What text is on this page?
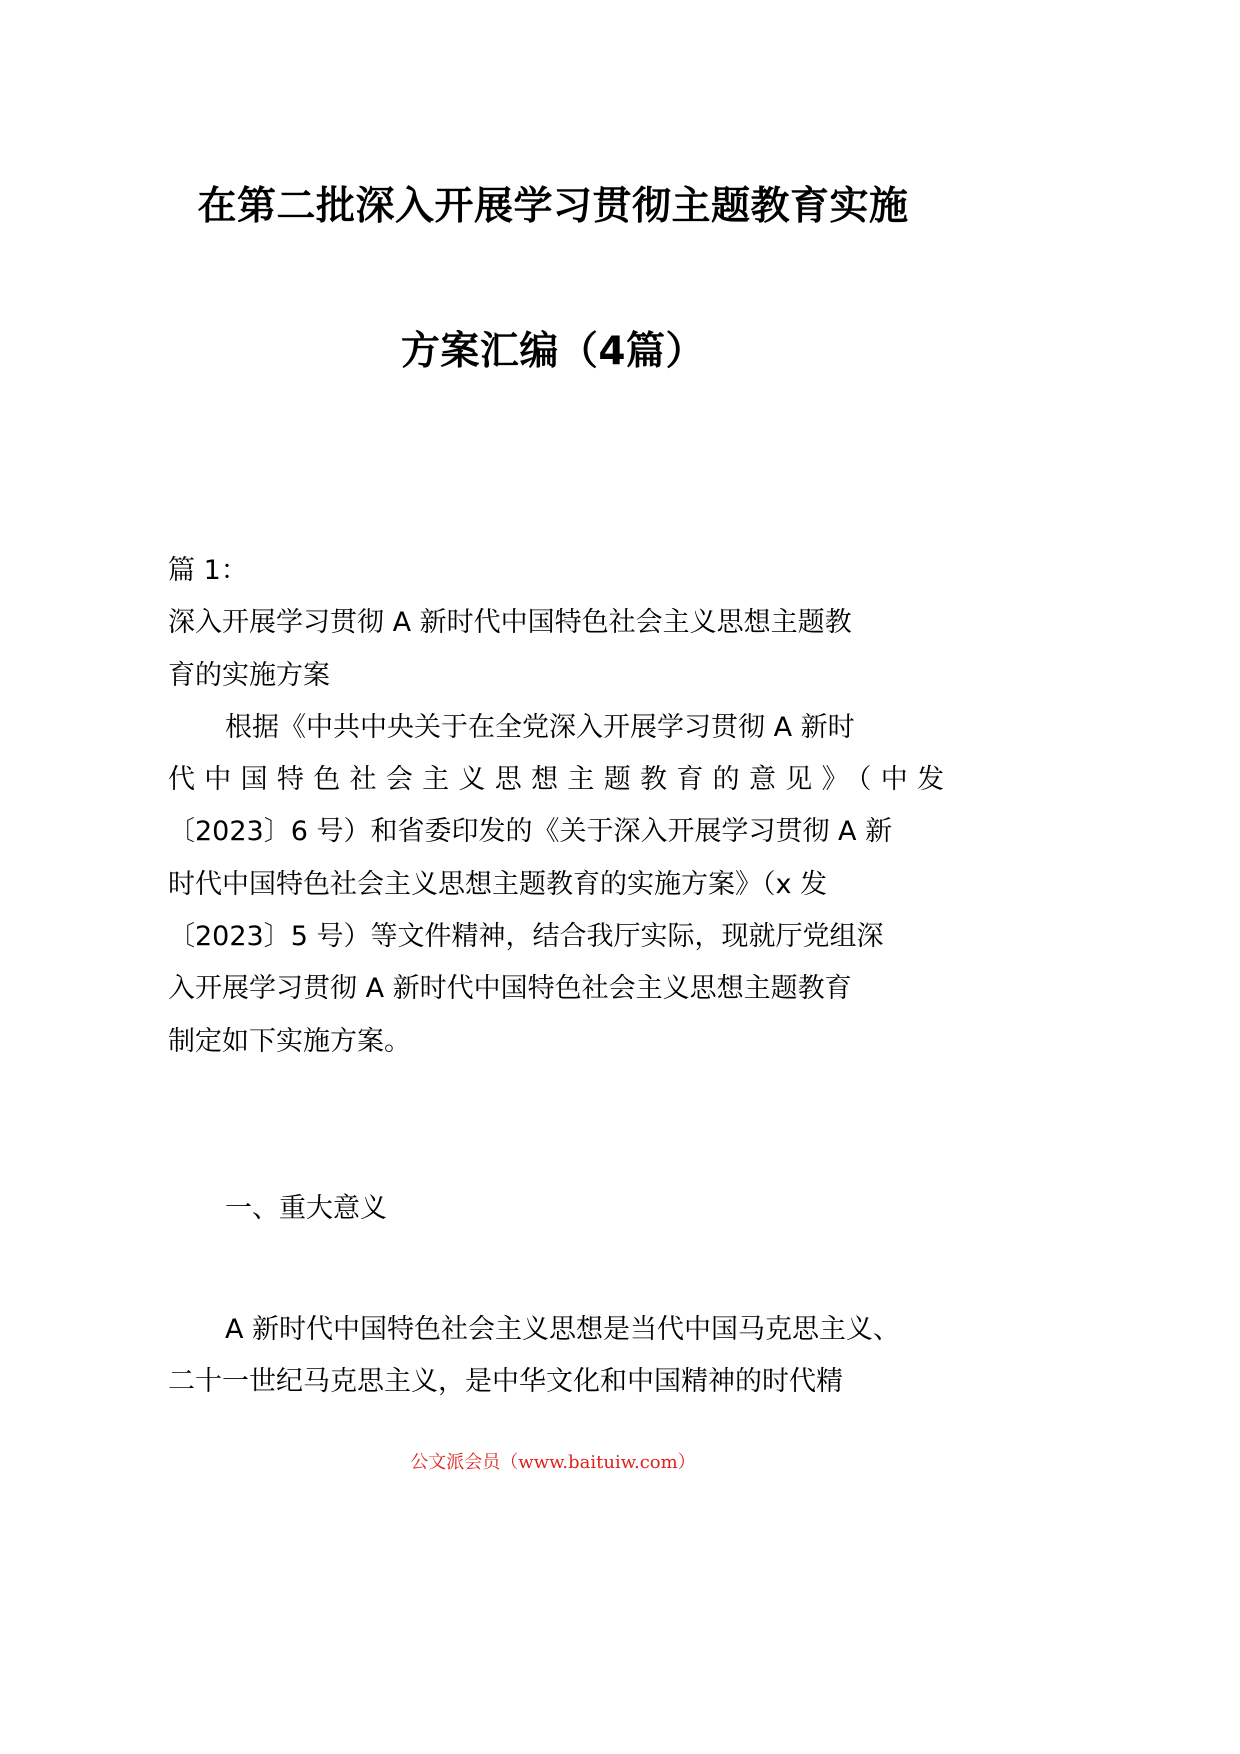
在第二批深入开展学习贯彻主题教育实施
方案汇编（4篇）
篇 1：
深入开展学习贯彻 A 新时代中国特色社会主义思想主题教
育的实施方案
根据《中共中央关于在全党深入开展学习贯彻 A 新时
代中国特色社会主义思想主题教育的意见》（中发
〔2023〕6 号）和省委印发的《关于深入开展学习贯彻 A 新
时代中国特色社会主义思想主题教育的实施方案》（x 发
〔2023〕5 号）等文件精神，结合我厅实际，现就厅党组深
入开展学习贯彻 A 新时代中国特色社会主义思想主题教育
制定如下实施方案。
一、重大意义
A 新时代中国特色社会主义思想是当代中国马克思主义、
二十一世纪马克思主义，是中华文化和中国精神的时代精
公文派会员（www.baituiw.com）
